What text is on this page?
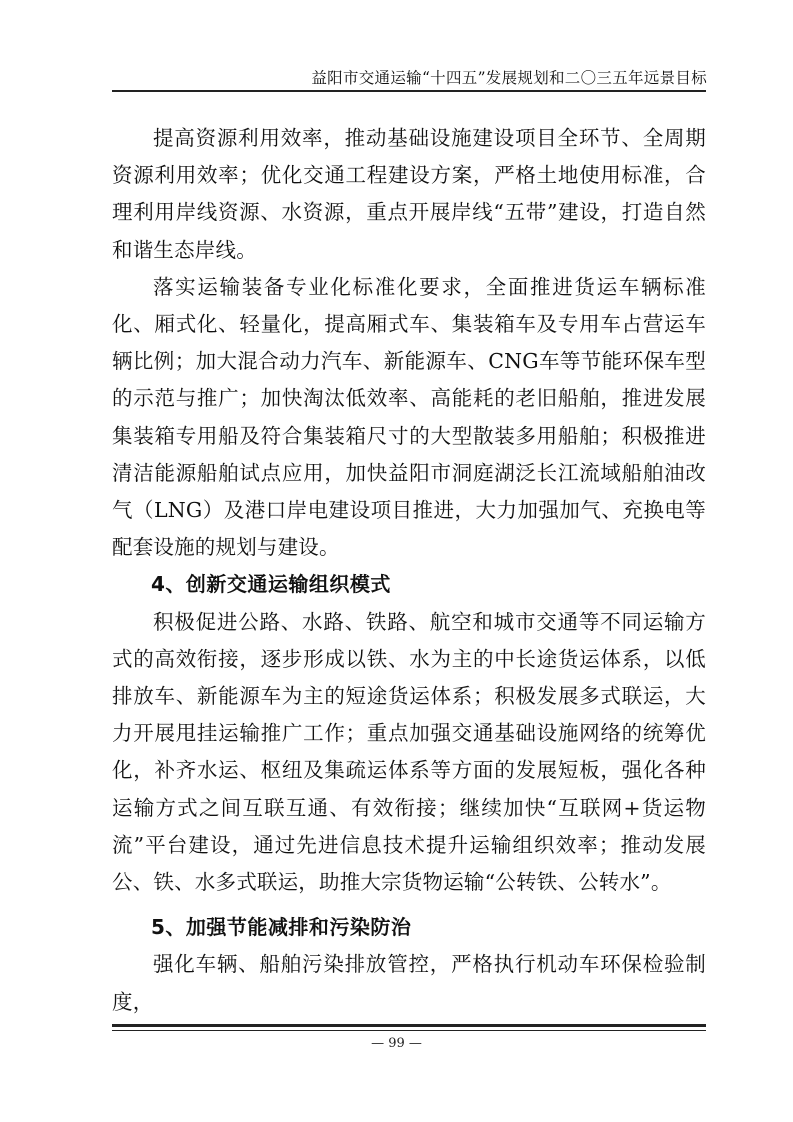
益阳市交通运输“十四五”发展规划和二〇三五年远景目标

提高资源利用效率，推动基础设施建设项目全环节、全周期资源利用效率；优化交通工程建设方案，严格土地使用标准，合理利用岸线资源、水资源，重点开展岸线“五带”建设，打造自然和谐生态岸线。

落实运输装备专业化标准化要求，全面推进货运车辆标准化、厢式化、轻量化，提高厢式车、集装箱车及专用车占营运车辆比例；加大混合动力汽车、新能源车、CNG车等节能环保车型的示范与推广；加快淘汰低效率、高能耗的老旧船舶，推进发展集装箱专用船及符合集装箱尺寸的大型散装多用船舶；积极推进清洁能源船舶试点应用，加快益阳市洞庭湖泛长江流域船舶油改气（LNG）及港口岸电建设项目推进，大力加强加气、充换电等配套设施的规划与建设。

4、创新交通运输组织模式

积极促进公路、水路、铁路、航空和城市交通等不同运输方式的高效衔接，逐步形成以铁、水为主的中长途货运体系，以低排放车、新能源车为主的短途货运体系；积极发展多式联运，大力开展甩挂运输推广工作；重点加强交通基础设施网络的统筹优化，补齐水运、枢纽及集疏运体系等方面的发展短板，强化各种运输方式之间互联互通、有效衔接；继续加快“互联网+货运物流”平台建设，通过先进信息技术提升运输组织效率；推动发展公、铁、水多式联运，助推大宗货物运输“公转铁、公转水”。

5、加强节能减排和污染防治

强化车辆、船舶污染排放管控，严格执行机动车环保检验制度，

— 99 —
